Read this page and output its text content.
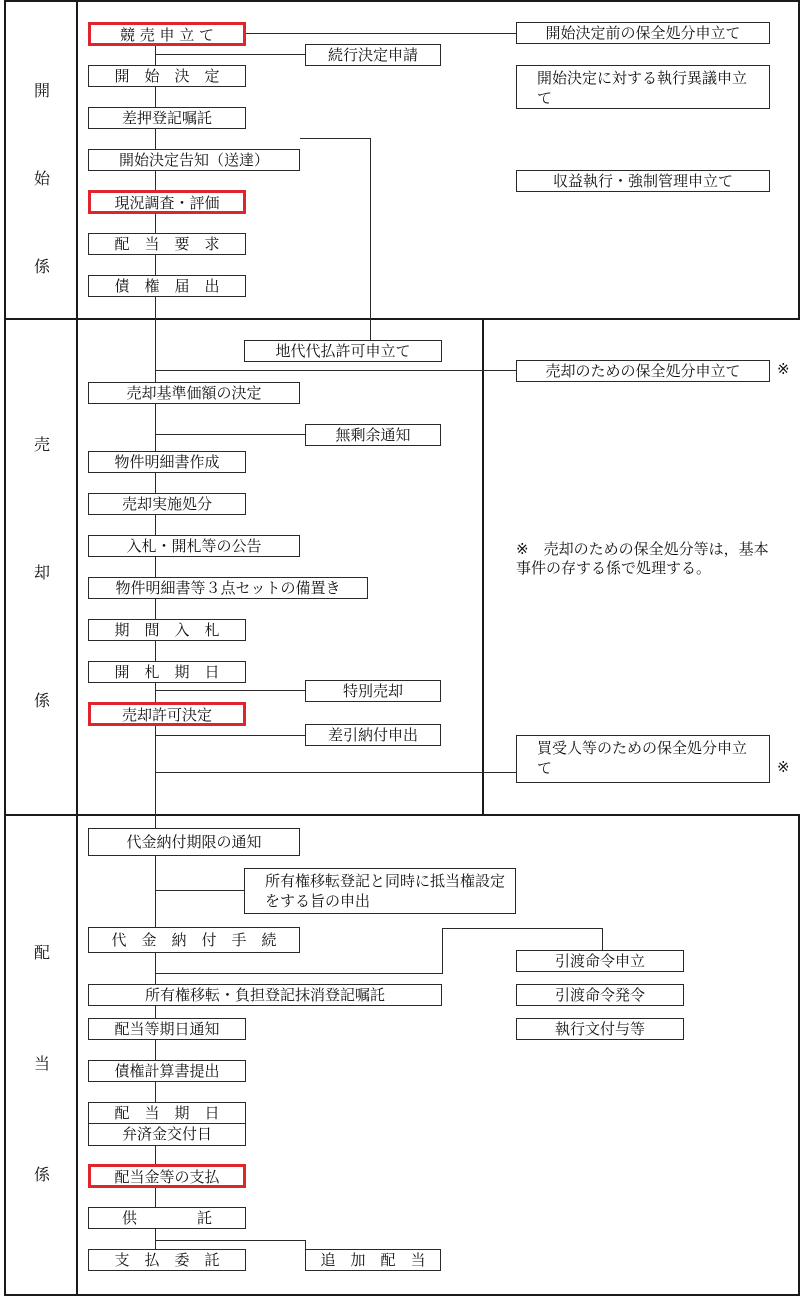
開
始
係
売
却
係
配
当
係
競 売 申 立 て
開　始　決　定
差押登記嘱託
開始決定告知（送達）
現況調査・評価
配　当　要　求
債　権　届　出
続行決定申請
開始決定前の保全処分申立て
開始決定に対する執行異議申立て
収益執行・強制管理申立て
地代代払許可申立て
売却のための保全処分申立て	※
売却基準価額の決定
無剰余通知
物件明細書作成
売却実施処分
入札・開札等の公告
物件明細書等３点セットの備置き
期　間　入　札
開　札　期　日
特別売却
売却許可決定
差引納付申出
買受人等のための保全処分申立て	※
※　売却のための保全処分等は，基本事件の存する係で処理する。
代金納付期限の通知
所有権移転登記と同時に抵当権設定をする旨の申出
代　金　納　付　手　続
所有権移転・負担登記抹消登記嘱託
配当等期日通知
債権計算書提出
配　当　期　日
弁済金交付日
配当金等の支払
供　　　　託
支　払　委　託	追　加　配　当
引渡命令申立
引渡命令発令
執行文付与等
